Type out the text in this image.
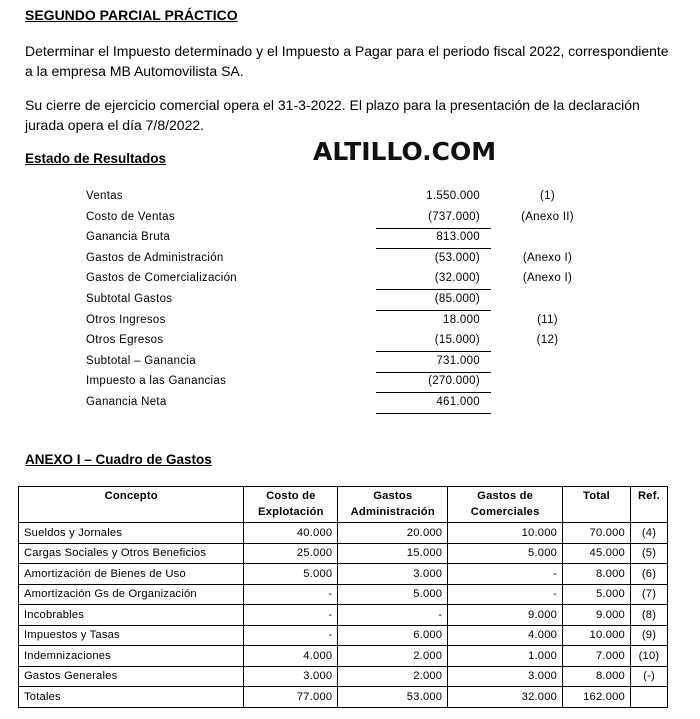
SEGUNDO PARCIAL PRÁCTICO
Determinar el Impuesto determinado y el Impuesto a Pagar para el periodo fiscal 2022, correspondiente a la empresa MB Automovilista SA.
Su cierre de ejercicio comercial opera el 31-3-2022. El plazo para la presentación de la declaración jurada opera el día 7/8/2022.
Estado de Resultados	ALTILLO.COM
Ventas	1.550.000	(1)
Costo de Ventas	(737.000)	(Anexo II)
Ganancia Bruta	813.000
Gastos de Administración	(53.000)	(Anexo I)
Gastos de Comercialización	(32.000)	(Anexo I)
Subtotal Gastos	(85.000)
Otros Ingresos	18.000	(11)
Otros Egresos	(15.000)	(12)
Subtotal – Ganancia	731.000
Impuesto a las Ganancias	(270.000)
Ganancia Neta	461.000
ANEXO I – Cuadro de Gastos
Concepto	Costo de Explotación	Gastos Administración	Gastos de Comerciales	Total	Ref.
Sueldos y Jornales	40.000	20.000	10.000	70.000	(4)
Cargas Sociales y Otros Beneficios	25.000	15.000	5.000	45.000	(5)
Amortización de Bienes de Uso	5.000	3.000	-	8.000	(6)
Amortización Gs de Organización	-	5.000	-	5.000	(7)
Incobrables	-	-	9.000	9.000	(8)
Impuestos y Tasas	-	6.000	4.000	10.000	(9)
Indemnizaciones	4.000	2.000	1.000	7.000	(10)
Gastos Generales	3.000	2.000	3.000	8.000	(-)
Totales	77.000	53.000	32.000	162.000	
